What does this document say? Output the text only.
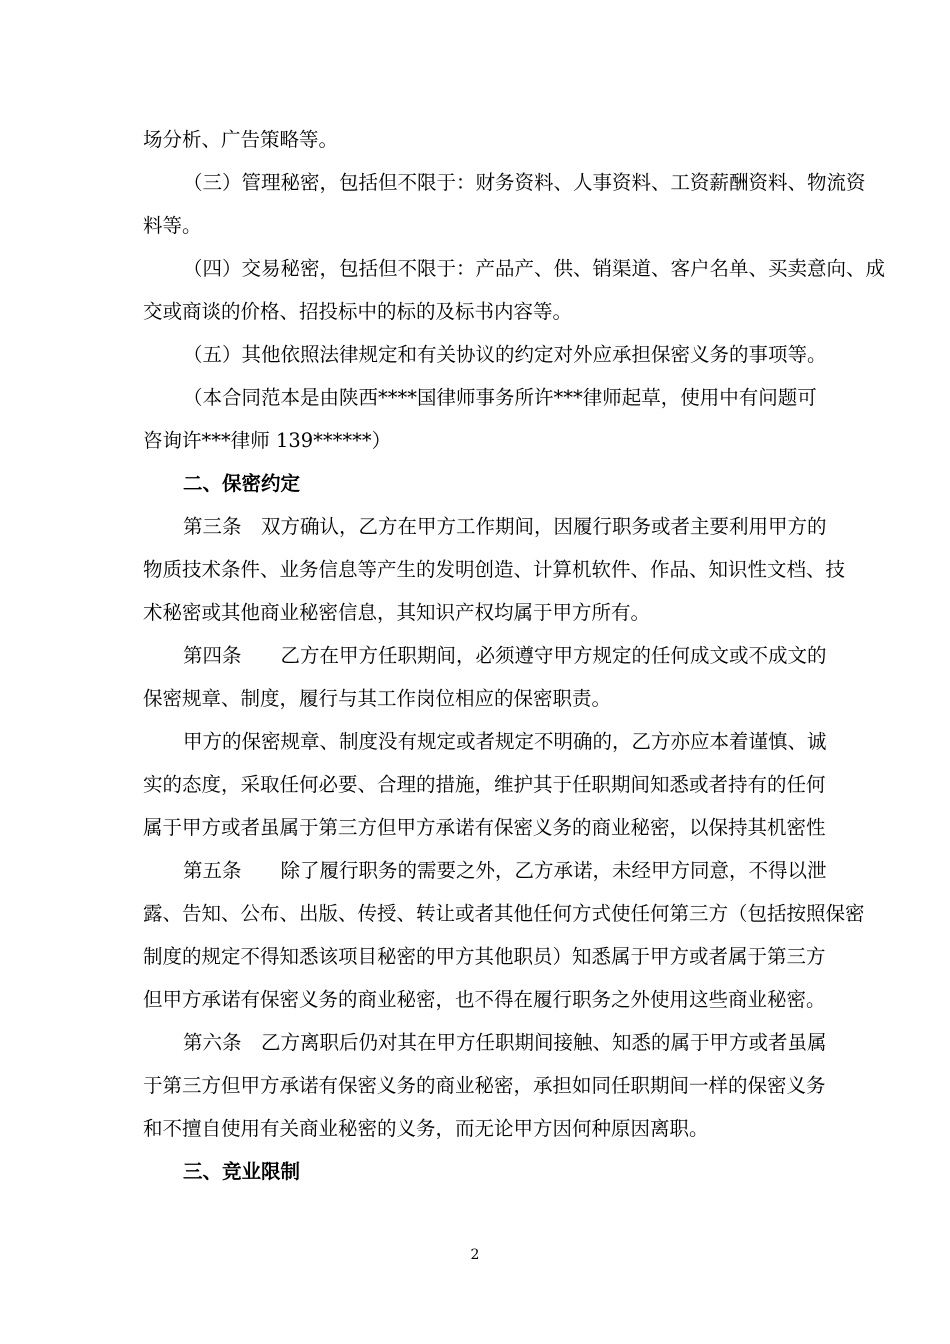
场分析、广告策略等。
（三）管理秘密，包括但不限于：财务资料、人事资料、工资薪酬资料、物流资
料等。
（四）交易秘密，包括但不限于：产品产、供、销渠道、客户名单、买卖意向、成
交或商谈的价格、招投标中的标的及标书内容等。
（五）其他依照法律规定和有关协议的约定对外应承担保密义务的事项等。
（本合同范本是由陕西****国律师事务所许***律师起草，使用中有问题可
咨询许***律师 139******）
二、保密约定
第三条　双方确认，乙方在甲方工作期间，因履行职务或者主要利用甲方的
物质技术条件、业务信息等产生的发明创造、计算机软件、作品、知识性文档、技
术秘密或其他商业秘密信息，其知识产权均属于甲方所有。
第四条　　乙方在甲方任职期间，必须遵守甲方规定的任何成文或不成文的
保密规章、制度，履行与其工作岗位相应的保密职责。
甲方的保密规章、制度没有规定或者规定不明确的，乙方亦应本着谨慎、诚
实的态度，采取任何必要、合理的措施，维护其于任职期间知悉或者持有的任何
属于甲方或者虽属于第三方但甲方承诺有保密义务的商业秘密，以保持其机密性
第五条　　除了履行职务的需要之外，乙方承诺，未经甲方同意，不得以泄
露、告知、公布、出版、传授、转让或者其他任何方式使任何第三方（包括按照保密
制度的规定不得知悉该项目秘密的甲方其他职员）知悉属于甲方或者属于第三方
但甲方承诺有保密义务的商业秘密，也不得在履行职务之外使用这些商业秘密。
第六条　乙方离职后仍对其在甲方任职期间接触、知悉的属于甲方或者虽属
于第三方但甲方承诺有保密义务的商业秘密，承担如同任职期间一样的保密义务
和不擅自使用有关商业秘密的义务，而无论甲方因何种原因离职。
三、竞业限制
2
